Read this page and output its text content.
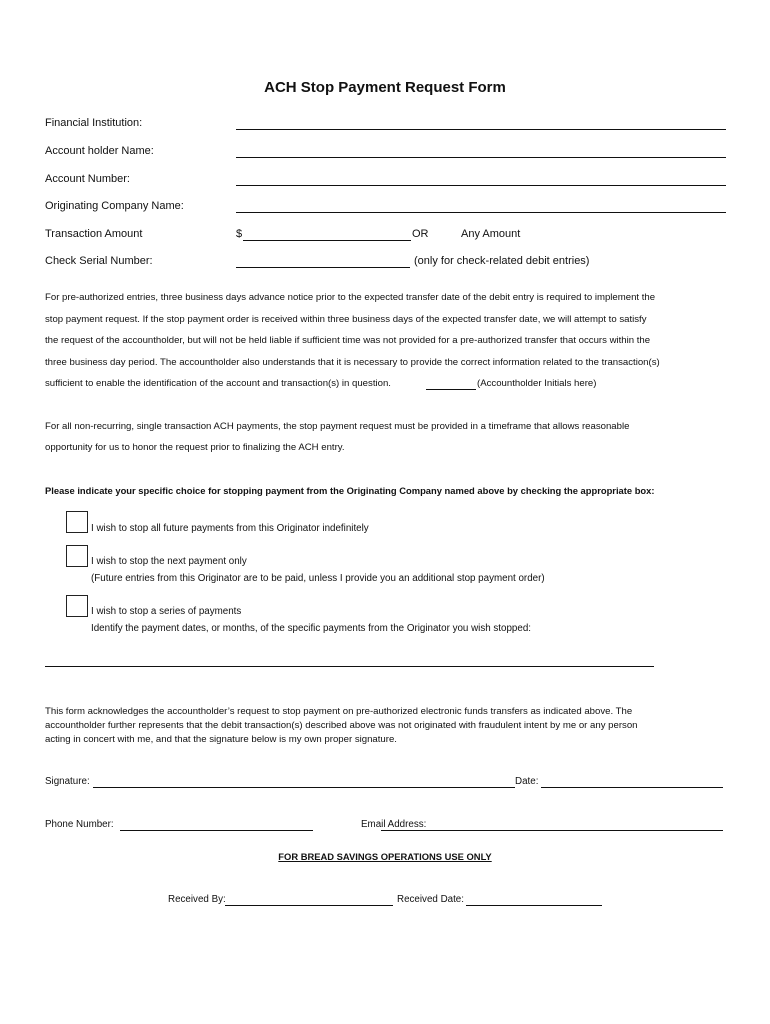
ACH Stop Payment Request Form
Financial Institution:
Account holder Name:
Account Number:
Originating Company Name:
Transaction Amount	$	OR	Any Amount
Check Serial Number:	(only for check-related debit entries)
For pre-authorized entries, three business days advance notice prior to the expected transfer date of the debit entry is required to implement the
stop payment request. If the stop payment order is received within three business days of the expected transfer date, we will attempt to satisfy
the request of the accountholder, but will not be held liable if sufficient time was not provided for a pre-authorized transfer that occurs within the
three business day period. The accountholder also understands that it is necessary to provide the correct information related to the transaction(s)
sufficient to enable the identification of the account and transaction(s) in question.	(Accountholder Initials here)
For all non-recurring, single transaction ACH payments, the stop payment request must be provided in a timeframe that allows reasonable
opportunity for us to honor the request prior to finalizing the ACH entry.
Please indicate your specific choice for stopping payment from the Originating Company named above by checking the appropriate box:
I wish to stop all future payments from this Originator indefinitely
I wish to stop the next payment only
(Future entries from this Originator are to be paid, unless I provide you an additional stop payment order)
I wish to stop a series of payments
Identify the payment dates, or months, of the specific payments from the Originator you wish stopped:
This form acknowledges the accountholder’s request to stop payment on pre-authorized electronic funds transfers as indicated above. The
accountholder further represents that the debit transaction(s) described above was not originated with fraudulent intent by me or any person
acting in concert with me, and that the signature below is my own proper signature.
Signature:	Date:
Phone Number:	Email Address:
FOR BREAD SAVINGS OPERATIONS USE ONLY
Received By:	Received Date:
